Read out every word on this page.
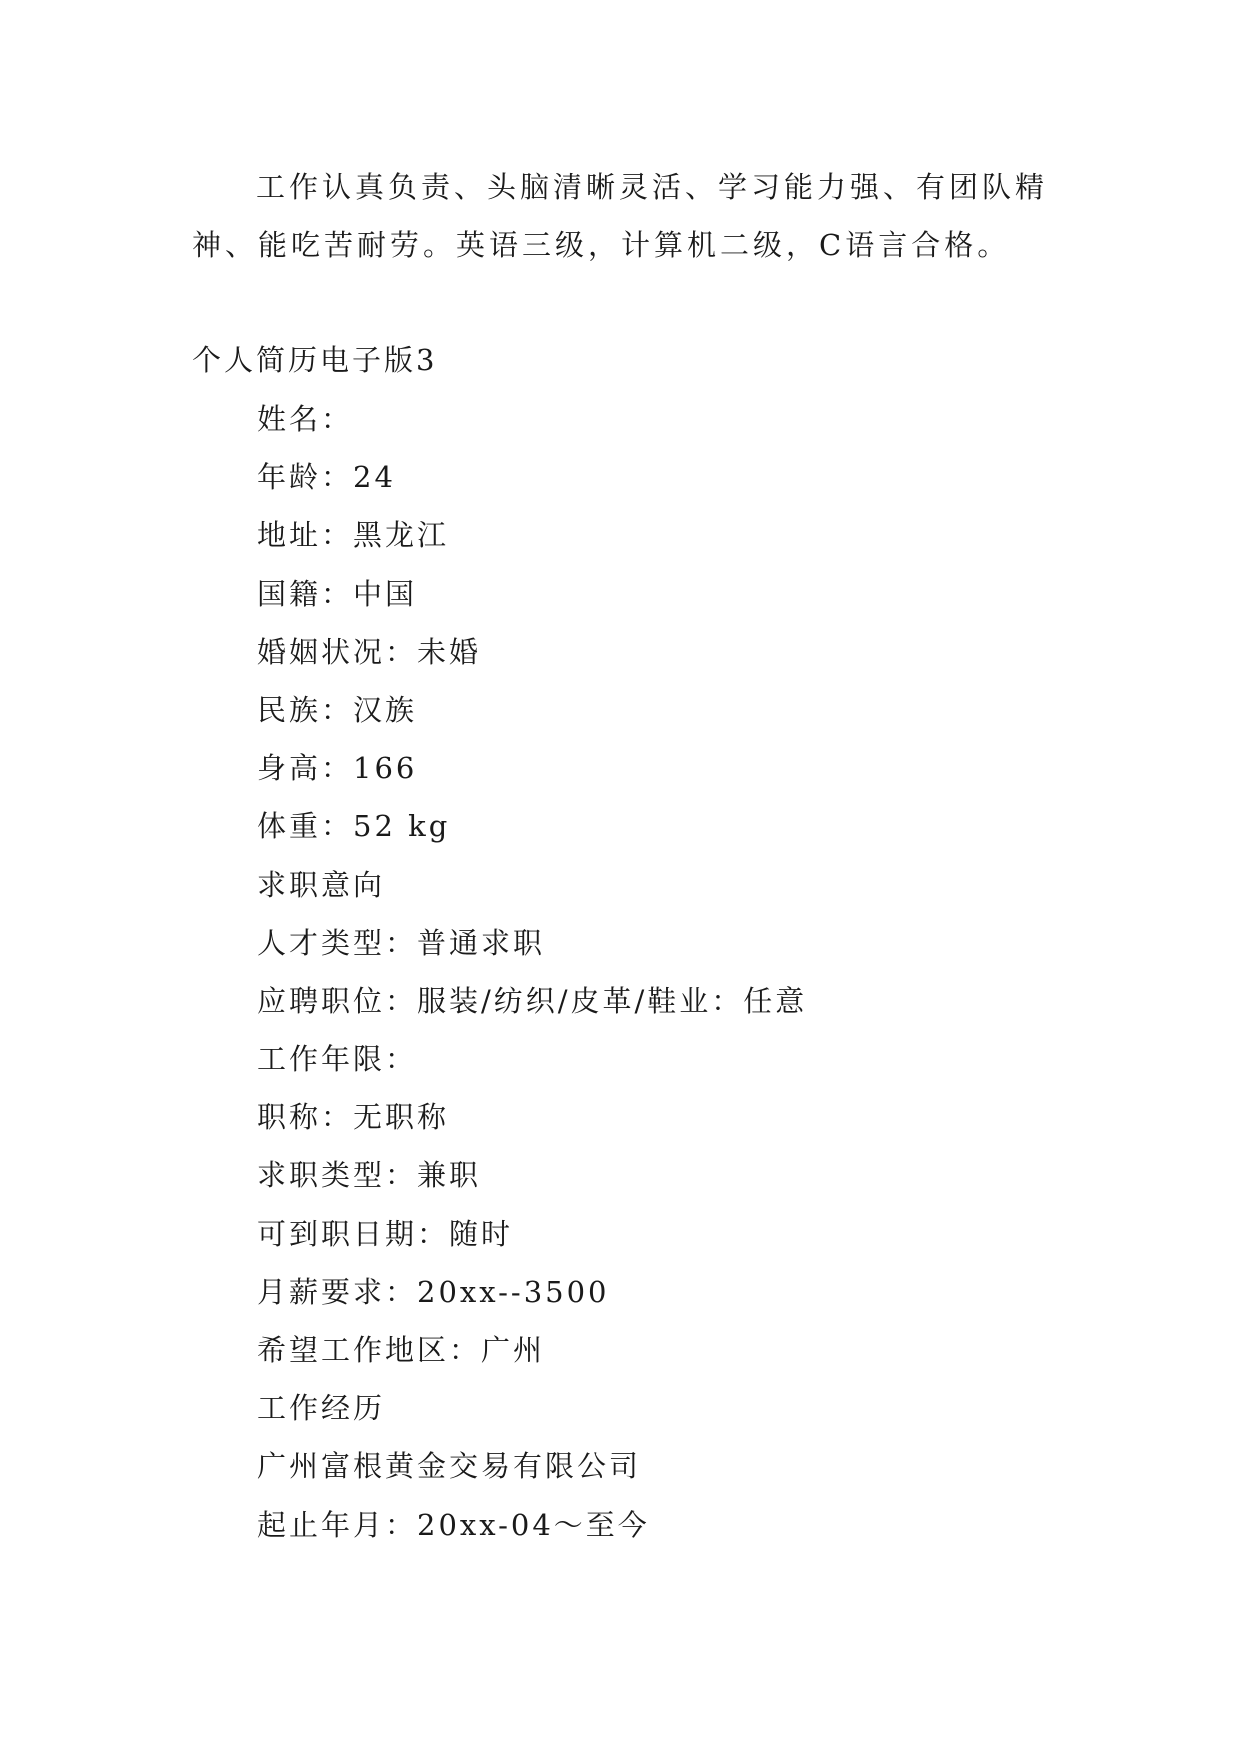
工作认真负责、头脑清晰灵活、学习能力强、有团队精神、能吃苦耐劳。英语三级，计算机二级，C语言合格。

个人简历电子版3
姓名：
年龄：24
地址：黑龙江
国籍：中国
婚姻状况：未婚
民族：汉族
身高：166
体重：52 kg
求职意向
人才类型：普通求职
应聘职位：服装/纺织/皮革/鞋业：任意
工作年限：
职称：无职称
求职类型：兼职
可到职日期：随时
月薪要求：20xx--3500
希望工作地区：广州
工作经历
广州富根黄金交易有限公司
起止年月：20xx-04～至今
